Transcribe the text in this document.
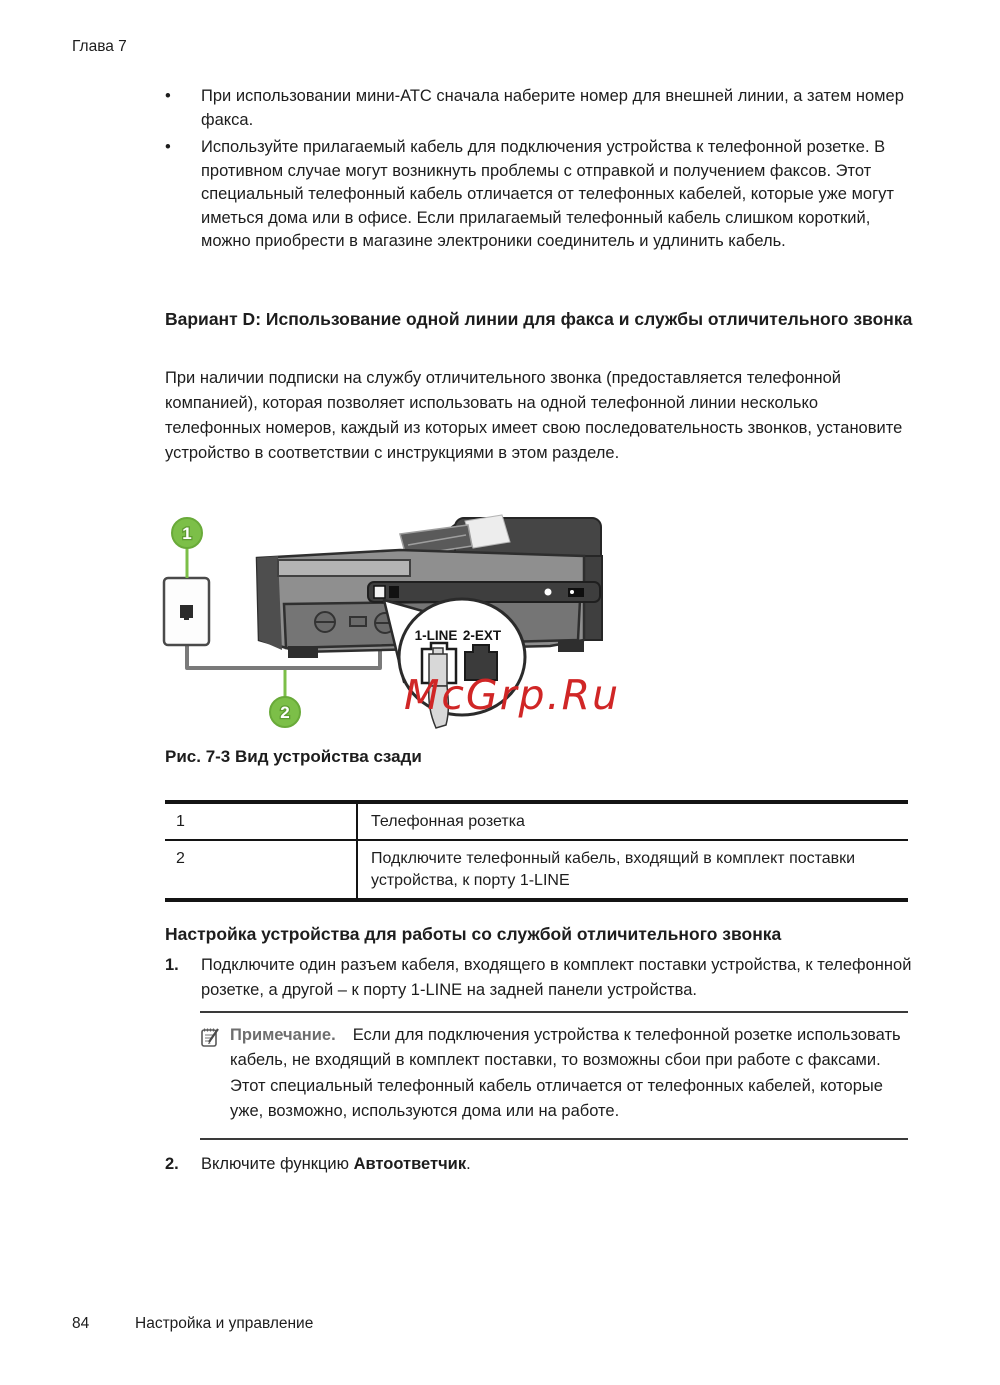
Глава 7
•	При использовании мини-АТС сначала наберите номер для внешней линии, а затем номер факса.
•	Используйте прилагаемый кабель для подключения устройства к телефонной розетке. В противном случае могут возникнуть проблемы с отправкой и получением факсов. Этот специальный телефонный кабель отличается от телефонных кабелей, которые уже могут иметься дома или в офисе. Если прилагаемый телефонный кабель слишком короткий, можно приобрести в магазине электроники соединитель и удлинить кабель.
Вариант D: Использование одной линии для факса и службы отличительного звонка
При наличии подписки на службу отличительного звонка (предоставляется телефонной компанией), которая позволяет использовать на одной телефонной линии несколько телефонных номеров, каждый из которых имеет свою последовательность звонков, установите устройство в соответствии с инструкциями в этом разделе.
1-LINE 2-EXT
1
2	McGrp.Ru
Рис. 7-3 Вид устройства сзади
1	Телефонная розетка
2	Подключите телефонный кабель, входящий в комплект поставки устройства, к порту 1-LINE
Настройка устройства для работы со службой отличительного звонка
1.	Подключите один разъем кабеля, входящего в комплект поставки устройства, к телефонной розетке, а другой – к порту 1-LINE на задней панели устройства.
Примечание. Если для подключения устройства к телефонной розетке использовать кабель, не входящий в комплект поставки, то возможны сбои при работе с факсами. Этот специальный телефонный кабель отличается от телефонных кабелей, которые уже, возможно, используются дома или на работе.
2.	Включите функцию Автоответчик.
84	Настройка и управление
